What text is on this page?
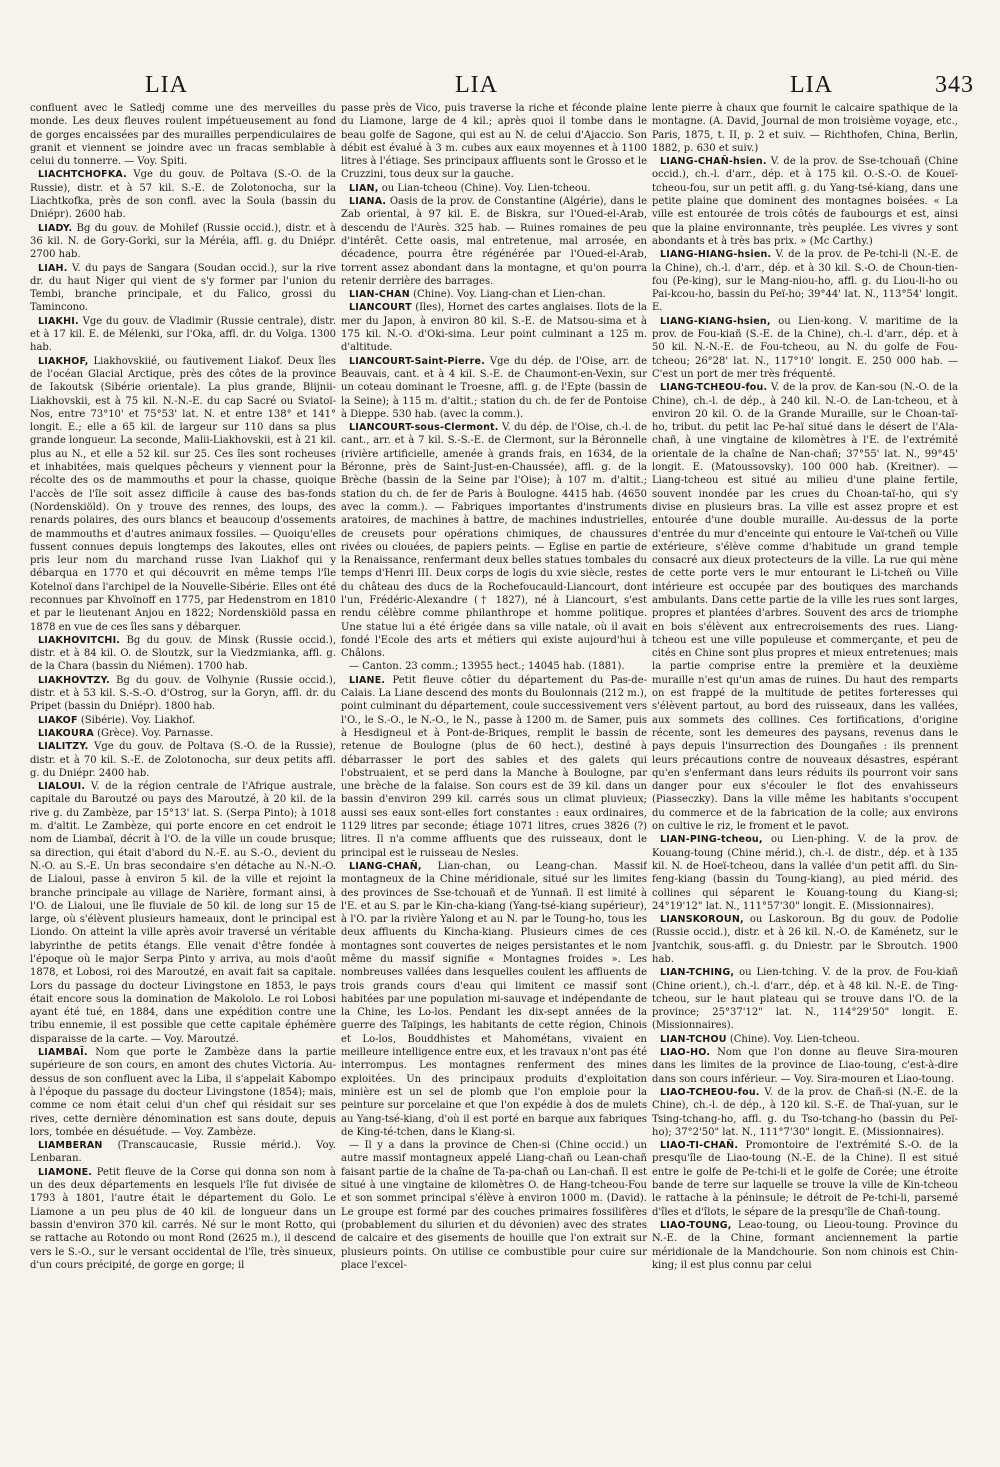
LIA	LIA	LIA	343

confluent avec le Satledj comme une des merveilles du monde. Les deux fleuves roulent impétueusement au fond de gorges encaissées par des murailles perpendiculaires de granit et viennent se joindre avec un fracas semblable à celui du tonnerre. — Voy. Spiti.

LIACHTCHOFKA. Vge du gouv. de Poltava (S.-O. de la Russie), distr. et à 57 kil. S.-E. de Zolotonocha, sur la Liachtkofka, près de son confl. avec la Soula (bassin du Dniépr). 2600 hab.

LIADY. Bg du gouv. de Mohilef (Russie occid.), distr. et à 36 kil. N. de Gory-Gorki, sur la Méréia, affl. g. du Dniépr. 2700 hab.

LIAH. V. du pays de Sangara (Soudan occid.), sur la rive dr. du haut Niger qui vient de s'y former par l'union du Tembi, branche principale, et du Falico, grossi du Tamincono.

LIAKHI. Vge du gouv. de Vladimir (Russie centrale), distr. et à 17 kil. E. de Mélenki, sur l'Oka, affl. dr. du Volga. 1300 hab.

LIAKHOF, Liakhovskiié, ou fautivement Liakof. Deux îles de l'océan Glacial Arctique, près des côtes de la province de Iakoutsk (Sibérie orientale). La plus grande, Blijnii-Liakhovskii, est à 75 kil. N.-N.-E. du cap Sacré ou Sviatoï-Nos, entre 73°10' et 75°53' lat. N. et entre 138° et 141° longit. E.; elle a 65 kil. de largeur sur 110 dans sa plus grande longueur. La seconde, Malii-Liakhovskii, est à 21 kil. plus au N., et elle a 52 kil. sur 25. Ces îles sont rocheuses et inhabitées, mais quelques pêcheurs y viennent pour la récolte des os de mammouths et pour la chasse, quoique l'accès de l'île soit assez difficile à cause des bas-fonds (Nordenskiöld). On y trouve des rennes, des loups, des renards polaires, des ours blancs et beaucoup d'ossements de mammouths et d'autres animaux fossiles. — Quoiqu'elles fussent connues depuis longtemps des Iakoutes, elles ont pris leur nom du marchand russe Ivan Liakhof qui y débarqua en 1770 et qui découvrit en même temps l'île Kotelnoï dans l'archipel de la Nouvelle-Sibérie. Elles ont été reconnues par Khvoïnoff en 1775, par Hedenstrom en 1810 et par le lieutenant Anjou en 1822; Nordenskiöld passa en 1878 en vue de ces îles sans y débarquer.

LIAKHOVITCHI. Bg du gouv. de Minsk (Russie occid.), distr. et à 84 kil. O. de Sloutzk, sur la Viedzmianka, affl. g. de la Chara (bassin du Niémen). 1700 hab.

LIAKHOVTZY. Bg du gouv. de Volhynie (Russie occid.), distr. et à 53 kil. S.-S.-O. d'Ostrog, sur la Goryn, affl. dr. du Pripet (bassin du Dniépr). 1800 hab.

LIAKOF (Sibérie). Voy. Liakhof.

LIAKOURA (Grèce). Voy. Parnasse.

LIALITZY. Vge du gouv. de Poltava (S.-O. de la Russie), distr. et à 70 kil. S.-E. de Zolotonocha, sur deux petits affl. g. du Dniépr. 2400 hab.

LIALOUI. V. de la région centrale de l'Afrique australe, capitale du Baroutzé ou pays des Maroutzé, à 20 kil. de la rive g. du Zambèze, par 15°13' lat. S. (Serpa Pinto); à 1018 m. d'altit. Le Zambèze, qui porte encore en cet endroit le nom de Liambaï, décrit à l'O. de la ville un coude brusque; sa direction, qui était d'abord du N.-E. au S.-O., devient du N.-O. au S.-E. Un bras secondaire s'en détache au N.-N.-O. de Lialoui, passe à environ 5 kil. de la ville et rejoint la branche principale au village de Narière, formant ainsi, à l'O. de Lialoui, une île fluviale de 50 kil. de long sur 15 de large, où s'élèvent plusieurs hameaux, dont le principal est Liondo. On atteint la ville après avoir traversé un véritable labyrinthe de petits étangs. Elle venait d'être fondée à l'époque où le major Serpa Pinto y arriva, au mois d'août 1878, et Lobosi, roi des Maroutzé, en avait fait sa capitale. Lors du passage du docteur Livingstone en 1853, le pays était encore sous la domination de Makololo. Le roi Lobosi ayant été tué, en 1884, dans une expédition contre une tribu ennemie, il est possible que cette capitale éphémère disparaisse de la carte. — Voy. Maroutzé.

LIAMBAÏ. Nom que porte le Zambèze dans la partie supérieure de son cours, en amont des chutes Victoria. Au-dessus de son confluent avec la Liba, il s'appelait Kabompo à l'époque du passage du docteur Livingstone (1854); mais, comme ce nom était celui d'un chef qui résidait sur ses rives, cette dernière dénomination est sans doute, depuis lors, tombée en désuétude. — Voy. Zambèze.

LIAMBERAN (Transcaucasie, Russie mérid.). Voy. Lenbaran.

LIAMONE. Petit fleuve de la Corse qui donna son nom à un des deux départements en lesquels l'île fut divisée de 1793 à 1801, l'autre était le département du Golo. Le Liamone a un peu plus de 40 kil. de longueur dans un bassin d'environ 370 kil. carrés. Né sur le mont Rotto, qui se rattache au Rotondo ou mont Rond (2625 m.), il descend vers le S.-O., sur le versant occidental de l'île, très sinueux, d'un cours précipité, de gorge en gorge; il

passe près de Vico, puis traverse la riche et féconde plaine du Liamone, large de 4 kil.; après quoi il tombe dans le beau golfe de Sagone, qui est au N. de celui d'Ajaccio. Son débit est évalué à 3 m. cubes aux eaux moyennes et à 1100 litres à l'étiage. Ses principaux affluents sont le Grosso et le Cruzzini, tous deux sur la gauche.

LIAN, ou Lian-tcheou (Chine). Voy. Lien-tcheou.

LIANA. Oasis de la prov. de Constantine (Algérie), dans le Zab oriental, à 97 kil. E. de Biskra, sur l'Oued-el-Arab, descendu de l'Aurès. 325 hab. — Ruines romaines de peu d'intérêt. Cette oasis, mal entretenue, mal arrosée, en décadence, pourra être régénérée par l'Oued-el-Arab, torrent assez abondant dans la montagne, et qu'on pourra retenir derrière des barrages.

LIAN-CHAN (Chine). Voy. Liang-chan et Lien-chan.

LIANCOURT (Iles), Hornet des cartes anglaises. Ilots de la mer du Japon, à environ 80 kil. S.-E. de Matsou-sima et à 175 kil. N.-O. d'Oki-sima. Leur point culminant a 125 m. d'altitude.

LIANCOURT-Saint-Pierre. Vge du dép. de l'Oise, arr. de Beauvais, cant. et à 4 kil. S.-E. de Chaumont-en-Vexin, sur un coteau dominant le Troesne, affl. g. de l'Epte (bassin de la Seine); à 115 m. d'altit.; station du ch. de fer de Pontoise à Dieppe. 530 hab. (avec la comm.).

LIANCOURT-sous-Clermont. V. du dép. de l'Oise, ch.-l. de cant., arr. et à 7 kil. S.-S.-E. de Clermont, sur la Béronnelle (rivière artificielle, amenée à grands frais, en 1634, de la Béronne, près de Saint-Just-en-Chaussée), affl. g. de la Brèche (bassin de la Seine par l'Oise); à 107 m. d'altit.; station du ch. de fer de Paris à Boulogne. 4415 hab. (4650 avec la comm.). — Fabriques importantes d'instruments aratoires, de machines à battre, de machines industrielles, de creusets pour opérations chimiques, de chaussures rivées ou clouées, de papiers peints. — Eglise en partie de la Renaissance, renfermant deux belles statues tombales du temps d'Henri III. Deux corps de logis du xvie siècle, restes du château des ducs de la Rochefoucauld-Liancourt, dont l'un, Frédéric-Alexandre († 1827), né à Liancourt, s'est rendu célèbre comme philanthrope et homme politique. Une statue lui a été érigée dans sa ville natale, où il avait fondé l'Ecole des arts et métiers qui existe aujourd'hui à Châlons.

— Canton. 23 comm.; 13955 hect.; 14045 hab. (1881).

LIANE. Petit fleuve côtier du département du Pas-de-Calais. La Liane descend des monts du Boulonnais (212 m.), point culminant du département, coule successivement vers l'O., le S.-O., le N.-O., le N., passe à 1200 m. de Samer, puis à Hesdigneul et à Pont-de-Briques, remplit le bassin de retenue de Boulogne (plus de 60 hect.), destiné à débarrasser le port des sables et des galets qui l'obstruaient, et se perd dans la Manche à Boulogne, par une brèche de la falaise. Son cours est de 39 kil. dans un bassin d'environ 299 kil. carrés sous un climat pluvieux; aussi ses eaux sont-elles fort constantes : eaux ordinaires, 1129 litres par seconde; étiage 1071 litres, crues 3826 (?) litres. Il n'a comme affluents que des ruisseaux, dont le principal est le ruisseau de Nesles.

LIANG-CHAÑ, Lian-chan, ou Leang-chan. Massif montagneux de la Chine méridionale, situé sur les limites des provinces de Sse-tchouañ et de Yunnañ. Il est limité à l'E. et au S. par le Kin-cha-kiang (Yang-tsé-kiang supérieur), à l'O. par la rivière Yalong et au N. par le Toung-ho, tous les deux affluents du Kincha-kiang. Plusieurs cimes de ces montagnes sont couvertes de neiges persistantes et le nom même du massif signifie « Montagnes froides ». Les nombreuses vallées dans lesquelles coulent les affluents de trois grands cours d'eau qui limitent ce massif sont habitées par une population mi-sauvage et indépendante de la Chine, les Lo-los. Pendant les dix-sept années de la guerre des Taïpings, les habitants de cette région, Chinois et Lo-los, Bouddhistes et Mahométans, vivaient en meilleure intelligence entre eux, et les travaux n'ont pas été interrompus. Les montagnes renferment des mines exploitées. Un des principaux produits d'exploitation minière est un sel de plomb que l'on emploie pour la peinture sur porcelaine et que l'on expédie à dos de mulets au Yang-tsé-kiang, d'où il est porté en barque aux fabriques de King-té-tchen, dans le Kiang-si.

— Il y a dans la province de Chen-si (Chine occid.) un autre massif montagneux appelé Liang-chañ ou Lean-chañ faisant partie de la chaîne de Ta-pa-chañ ou Lan-chañ. Il est situé à une vingtaine de kilomètres O. de Hang-tcheou-Fou et son sommet principal s'élève à environ 1000 m. (David). Le groupe est formé par des couches primaires fossilifères (probablement du silurien et du dévonien) avec des strates de calcaire et des gisements de houille que l'on extrait sur plusieurs points. On utilise ce combustible pour cuire sur place l'excel-

lente pierre à chaux que fournit le calcaire spathique de la montagne. (A. David, Journal de mon troisième voyage, etc., Paris, 1875, t. II, p. 2 et suiv. — Richthofen, China, Berlin, 1882, p. 630 et suiv.)

LIANG-CHAÑ-hsien. V. de la prov. de Sse-tchouañ (Chine occid.), ch.-l. d'arr., dép. et à 175 kil. O.-S.-O. de Koueï-tcheou-fou, sur un petit affl. g. du Yang-tsé-kiang, dans une petite plaine que dominent des montagnes boisées. « La ville est entourée de trois côtés de faubourgs et est, ainsi que la plaine environnante, très peuplée. Les vivres y sont abondants et à très bas prix. » (Mc Carthy.)

LIANG-HIANG-hsien. V. de la prov. de Pe-tchi-li (N.-E. de la Chine), ch.-l. d'arr., dép. et à 30 kil. S.-O. de Choun-tien-fou (Pe-king), sur le Mang-niou-ho, affl. g. du Liou-li-ho ou Pai-kcou-ho, bassin du Peï-ho; 39°44' lat. N., 113°54' longit. E.

LIANG-KIANG-hsien, ou Lien-kong. V. maritime de la prov. de Fou-kiañ (S.-E. de la Chine), ch.-l. d'arr., dép. et à 50 kil. N.-N.-E. de Fou-tcheou, au N. du golfe de Fou-tcheou; 26°28' lat. N., 117°10' longit. E. 250 000 hab. — C'est un port de mer très fréquenté.

LIANG-TCHEOU-fou. V. de la prov. de Kan-sou (N.-O. de la Chine), ch.-l. de dép., à 240 kil. N.-O. de Lan-tcheou, et à environ 20 kil. O. de la Grande Muraille, sur le Choan-taï-ho, tribut. du petit lac Pe-haï situé dans le désert de l'Ala-chañ, à une vingtaine de kilomètres à l'E. de l'extrémité orientale de la chaîne de Nan-chañ; 37°55' lat. N., 99°45' longit. E. (Matoussovsky). 100 000 hab. (Kreitner). — Liang-tcheou est situé au milieu d'une plaine fertile, souvent inondée par les crues du Choan-taï-ho, qui s'y divise en plusieurs bras. La ville est assez propre et est entourée d'une double muraille. Au-dessus de la porte d'entrée du mur d'enceinte qui entoure le Vaï-tcheñ ou Ville extérieure, s'élève comme d'habitude un grand temple consacré aux dieux protecteurs de la ville. La rue qui mène de cette porte vers le mur entourant le Li-tcheñ ou Ville intérieure est occupée par des boutiques des marchands ambulants. Dans cette partie de la ville les rues sont larges, propres et plantées d'arbres. Souvent des arcs de triomphe en bois s'élèvent aux entrecroisements des rues. Liang-tcheou est une ville populeuse et commerçante, et peu de cités en Chine sont plus propres et mieux entretenues; mais la partie comprise entre la première et la deuxième muraille n'est qu'un amas de ruines. Du haut des remparts on est frappé de la multitude de petites forteresses qui s'élèvent partout, au bord des ruisseaux, dans les vallées, aux sommets des collines. Ces fortifications, d'origine récente, sont les demeures des paysans, revenus dans le pays depuis l'insurrection des Doungañes : ils prennent leurs précautions contre de nouveaux désastres, espérant qu'en s'enfermant dans leurs réduits ils pourront voir sans danger pour eux s'écouler le flot des envahisseurs (Piasseczky). Dans la ville même les habitants s'occupent du commerce et de la fabrication de la colle; aux environs on cultive le riz, le froment et le pavot.

LIAN-PING-tcheou, ou Lien-phing. V. de la prov. de Kouang-toung (Chine mérid.), ch.-l. de distr., dép. et à 135 kil. N. de Hoeï-tcheou, dans la vallée d'un petit affl. du Sin-feng-kiang (bassin du Toung-kiang), au pied mérid. des collines qui séparent le Kouang-toung du Kiang-si; 24°19'12" lat. N., 111°57'30" longit. E. (Missionnaires).

LIANSKOROUN, ou Laskoroun. Bg du gouv. de Podolie (Russie occid.), distr. et à 26 kil. N.-O. de Kaménetz, sur le Jvantchik, sous-affl. g. du Dniestr. par le Sbroutch. 1900 hab.

LIAN-TCHING, ou Lien-tching. V. de la prov. de Fou-kiañ (Chine orient.), ch.-l. d'arr., dép. et à 48 kil. N.-E. de Ting-tcheou, sur le haut plateau qui se trouve dans l'O. de la province; 25°37'12" lat. N., 114°29'50" longit. E. (Missionnaires).

LIAN-TCHOU (Chine). Voy. Lien-tcheou.

LIAO-HO. Nom que l'on donne au fleuve Sira-mouren dans les limites de la province de Liao-toung, c'est-à-dire dans son cours inférieur. — Voy. Sira-mouren et Liao-toung.

LIAO-TCHEOU-fou. V. de la prov. de Chañ-si (N.-E. de la Chine), ch.-l. de dép., à 120 kil. S.-E. de Thaï-yuan, sur le Tsing-tchang-ho, affl. g. du Tso-tchang-ho (bassin du Peï-ho); 37°2'50" lat. N., 111°7'30" longit. E. (Missionnaires).

LIAO-TI-CHAÑ. Promontoire de l'extrémité S.-O. de la presqu'île de Liao-toung (N.-E. de la Chine). Il est situé entre le golfe de Pe-tchi-li et le golfe de Corée; une étroite bande de terre sur laquelle se trouve la ville de Kin-tcheou le rattache à la péninsule; le détroit de Pe-tchi-li, parsemé d'îles et d'îlots, le sépare de la presqu'île de Chañ-toung.

LIAO-TOUNG, Leao-toung, ou Lieou-toung. Province du N.-E. de la Chine, formant anciennement la partie méridionale de la Mandchourie. Son nom chinois est Chin-king; il est plus connu par celui
